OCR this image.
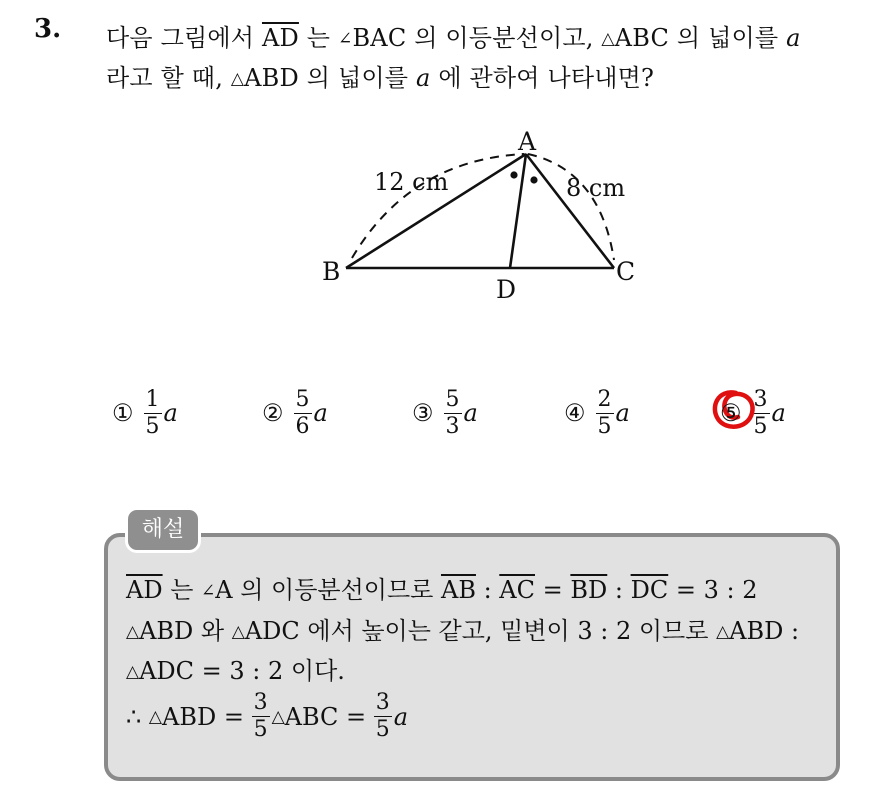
3. 다음 그림에서 $\overline{AD}$ 는 ∠BAC 의 이등분선이고, △ABC 의 넓이를 a
라고 할 때, △ABD 의 넓이를 a 에 관하여 나타내면?
A
B	C
D
12 cm	8 cm
① $\frac{1}{5}$ a	② $\frac{5}{6}$ a	③ $\frac{5}{3}$ a	④ $\frac{2}{5}$ a	⑤ $\frac{3}{5}$ a
해설
$\overline{AD}$ 는 ∠A 의 이등분선이므로 $\overline{AB}$ : $\overline{AC} = \overline{BD}$ : $\overline{DC} = 3$ : 2
△ABD 와 △ADC 에서 높이는 같고, 밑변이 3 : 2 이므로 △ABD :
△ADC = 3 : 2 이다.
∴ △ ABD = $\frac{3}{5}$ △ ABC = $\frac{3}{5}$ a
